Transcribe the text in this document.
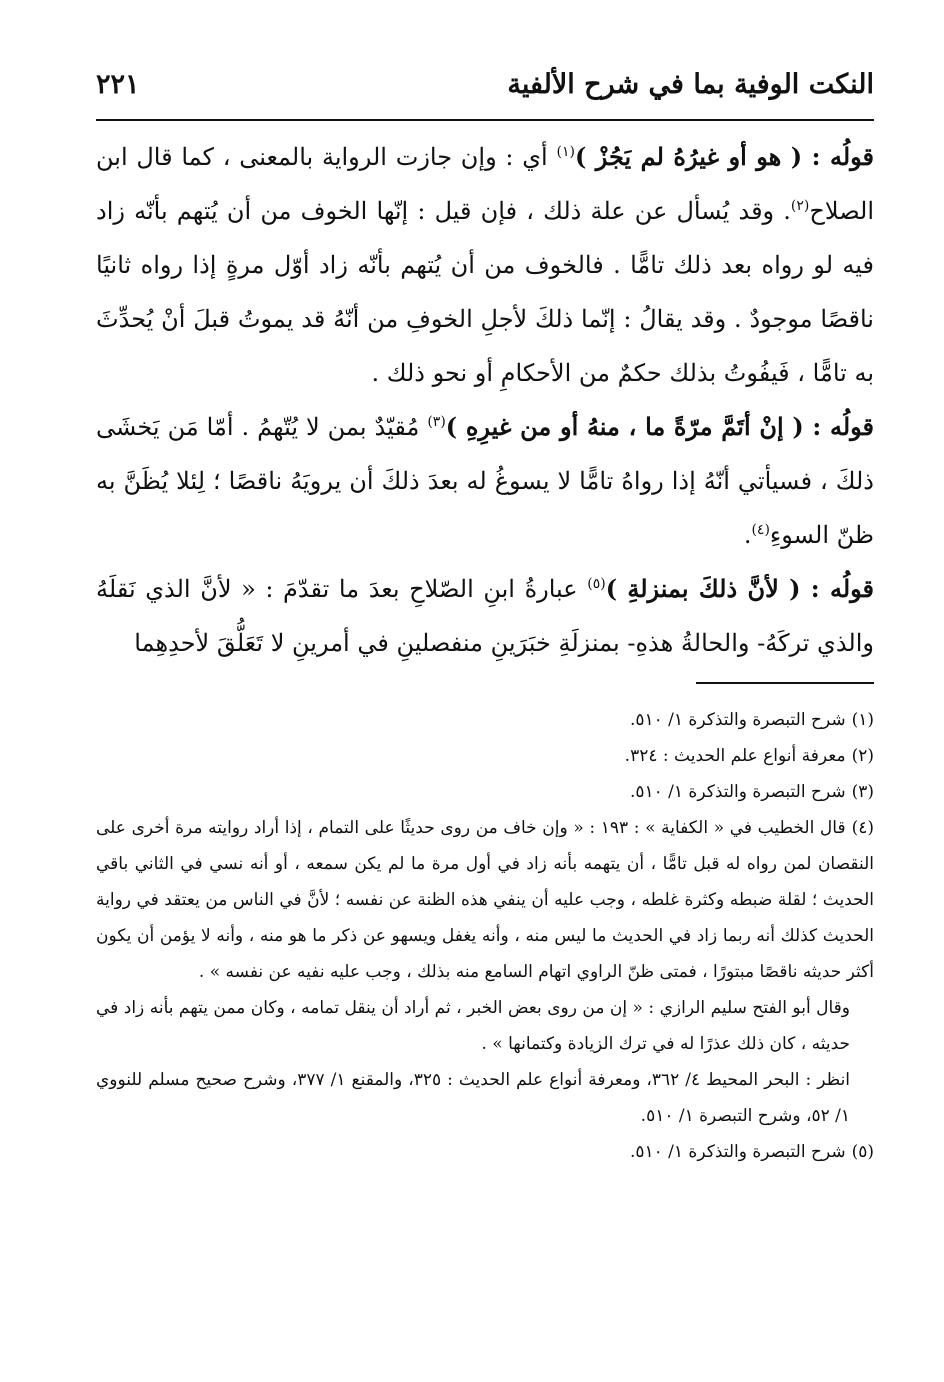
النكت الوفية بما في شرح الألفية
٢٢١

قولُه : ( هو أو غيرُهُ لم يَجُزْ )$^{(١)}$ أي : وإن جازت الرواية بالمعنى ، كما قال ابن الصلاح$^{(٢)}$. وقد يُسأل عن علة ذلك ، فإن قيل : إنّها الخوف من أن يُتهم بأنّه زاد فيه لو رواه بعد ذلك تامًّا . فالخوف من أن يُتهم بأنّه زاد أوّل مرةٍ إذا رواه ثانيًا ناقصًا موجودٌ . وقد يقالُ : إنّما ذلكَ لأجلِ الخوفِ من أنّهُ قد يموتُ قبلَ أنْ يُحدِّثَ به تامًّا ، فَيفُوتُ بذلك حكمٌ من الأحكامِ أو نحو ذلك .

قولُه : ( إنْ أتَمَّ مرّةً ما ، منهُ أو من غيرِهِ )$^{(٣)}$ مُقيّدٌ بمن لا يُتّهمُ . أمّا مَن يَخشَى ذلكَ ، فسيأتي أنّهُ إذا رواهُ تامًّا لا يسوغُ له بعدَ ذلكَ أن يرويَهُ ناقصًا ؛ لِئلا يُظَنَّ به ظنّ السوءِ$^{(٤)}$.

قولُه : ( لأنَّ ذلكَ بمنزلةِ )$^{(٥)}$ عبارةُ ابنِ الصّلاحِ بعدَ ما تقدّمَ : « لأنَّ الذي نَقلَهُ والذي تركَهُ- والحالةُ هذهِ- بمنزلَةِ خبَرَينِ منفصلينِ في أمرينِ لا تَعَلُّقَ لأحدِهِما

(١)شرح التبصرة والتذكرة ١/ ٥١٠.

(٢)معرفة أنواع علم الحديث : ٣٢٤.

(٣)شرح التبصرة والتذكرة ١/ ٥١٠.

(٤)قال الخطيب في « الكفاية » : ١٩٣ : « وإن خاف من روى حديثًا على التمام ، إذا أراد روايته مرة أخرى على النقصان لمن رواه له قبل تامًّا ، أن يتهمه بأنه زاد في أول مرة ما لم يكن سمعه ، أو أنه نسي في الثاني باقي الحديث ؛ لقلة ضبطه وكثرة غلطه ، وجب عليه أن ينفي هذه الظنة عن نفسه ؛ لأنَّ في الناس من يعتقد في رواية الحديث كذلك أنه ربما زاد في الحديث ما ليس منه ، وأنه يغفل ويسهو عن ذكر ما هو منه ، وأنه لا يؤمن أن يكون أكثر حديثه ناقصًا مبتورًا ، فمتى ظنّ الراوي اتهام السامع منه بذلك ، وجب عليه نفيه عن نفسه » .

وقال أبو الفتح سليم الرازي : « إن من روى بعض الخبر ، ثم أراد أن ينقل تمامه ، وكان ممن يتهم بأنه زاد في حديثه ، كان ذلك عذرًا له في ترك الزيادة وكتمانها » .

انظر : البحر المحيط ٤/ ٣٦٢، ومعرفة أنواع علم الحديث : ٣٢٥، والمقنع ١/ ٣٧٧، وشرح صحيح مسلم للنووي ١/ ٥٢، وشرح التبصرة ١/ ٥١٠.

(٥)شرح التبصرة والتذكرة ١/ ٥١٠.
